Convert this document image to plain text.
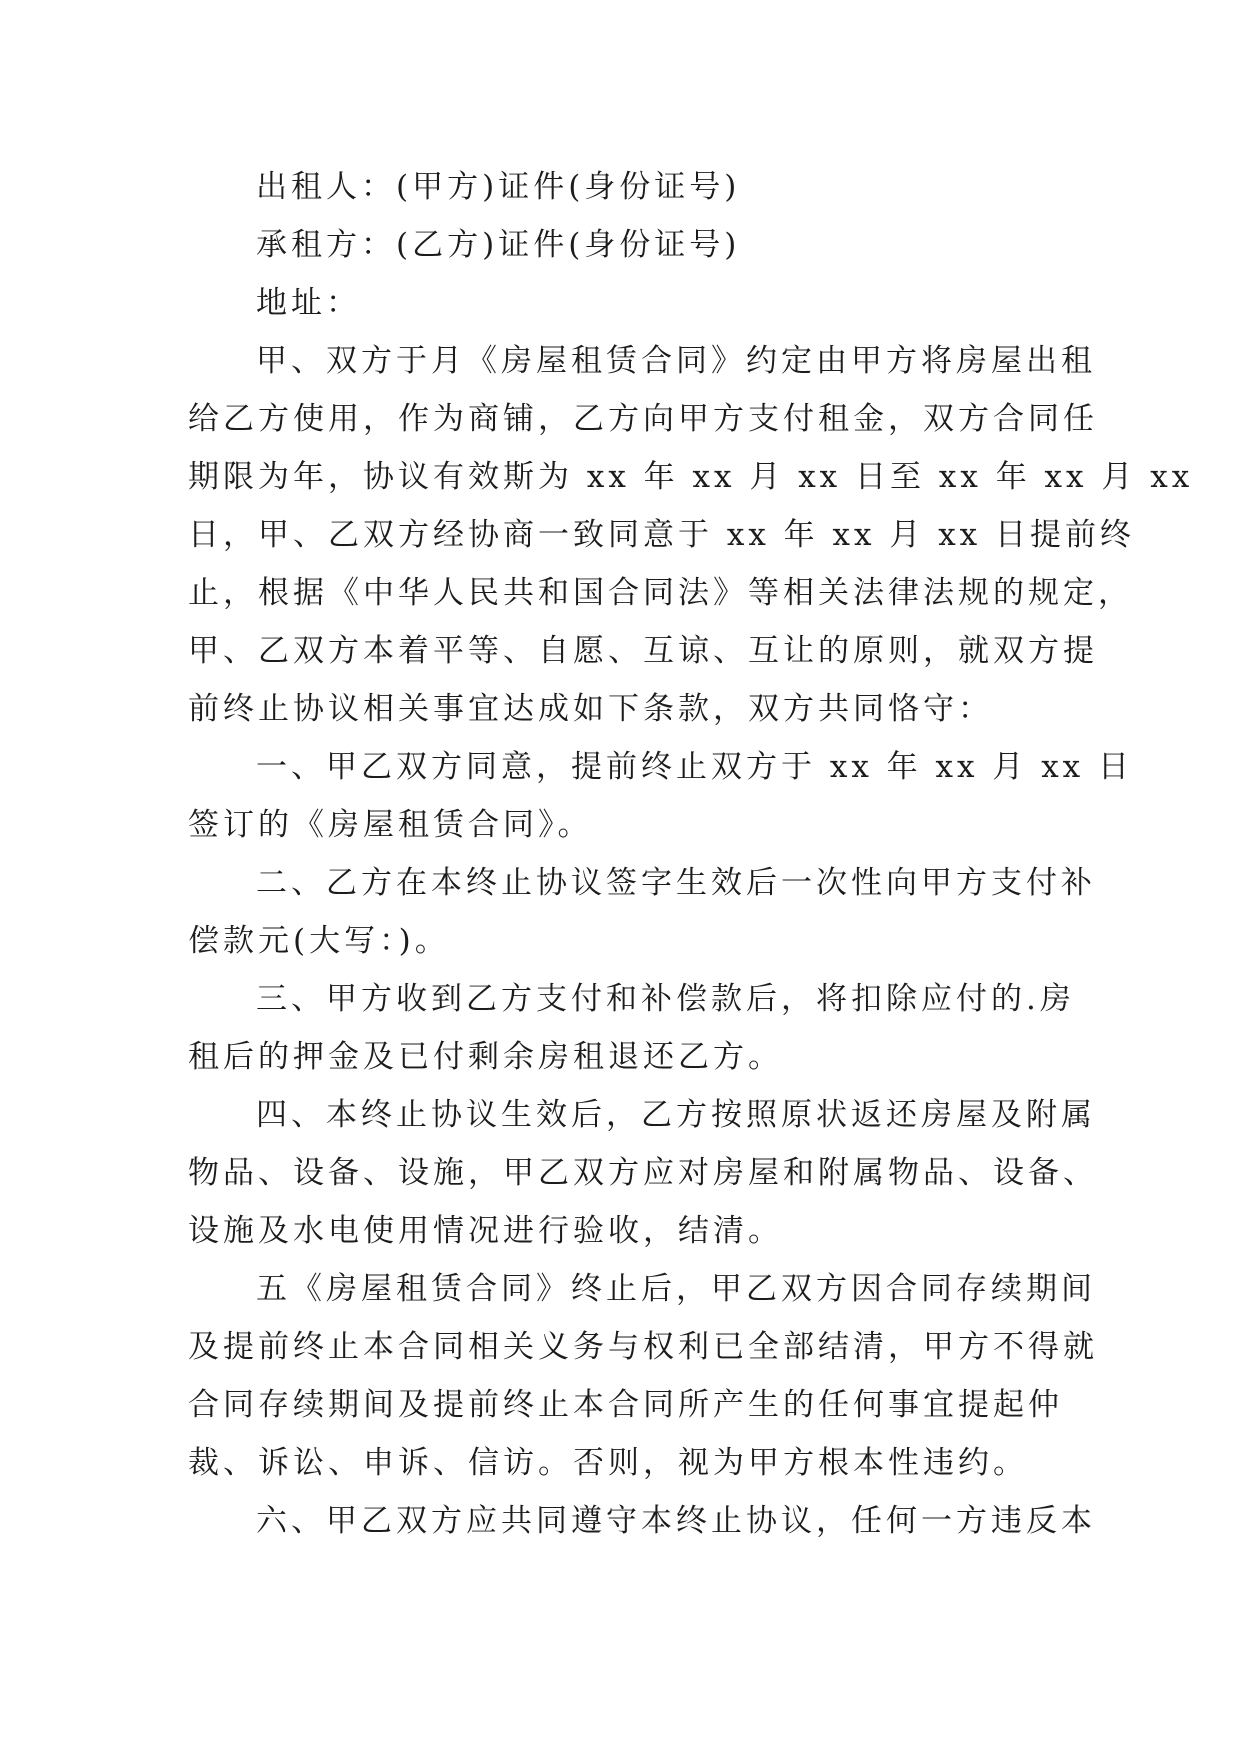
出租人：(甲方)证件(身份证号)

承租方：(乙方)证件(身份证号)

地址：

甲、双方于月《房屋租赁合同》约定由甲方将房屋出租
给乙方使用，作为商铺，乙方向甲方支付租金，双方合同任
期限为年，协议有效斯为 xx 年 xx 月 xx 日至 xx 年 xx 月 xx
日，甲、乙双方经协商一致同意于 xx 年 xx 月 xx 日提前终
止，根据《中华人民共和国合同法》等相关法律法规的规定，
甲、乙双方本着平等、自愿、互谅、互让的原则，就双方提
前终止协议相关事宜达成如下条款，双方共同恪守：

一、甲乙双方同意，提前终止双方于 xx 年 xx 月 xx 日
签订的《房屋租赁合同》。

二、乙方在本终止协议签字生效后一次性向甲方支付补
偿款元(大写：)。

三、甲方收到乙方支付和补偿款后，将扣除应付的.房
租后的押金及已付剩余房租退还乙方。

四、本终止协议生效后，乙方按照原状返还房屋及附属
物品、设备、设施，甲乙双方应对房屋和附属物品、设备、
设施及水电使用情况进行验收，结清。

五《房屋租赁合同》终止后，甲乙双方因合同存续期间
及提前终止本合同相关义务与权利已全部结清，甲方不得就
合同存续期间及提前终止本合同所产生的任何事宜提起仲
裁、诉讼、申诉、信访。否则，视为甲方根本性违约。

六、甲乙双方应共同遵守本终止协议，任何一方违反本
